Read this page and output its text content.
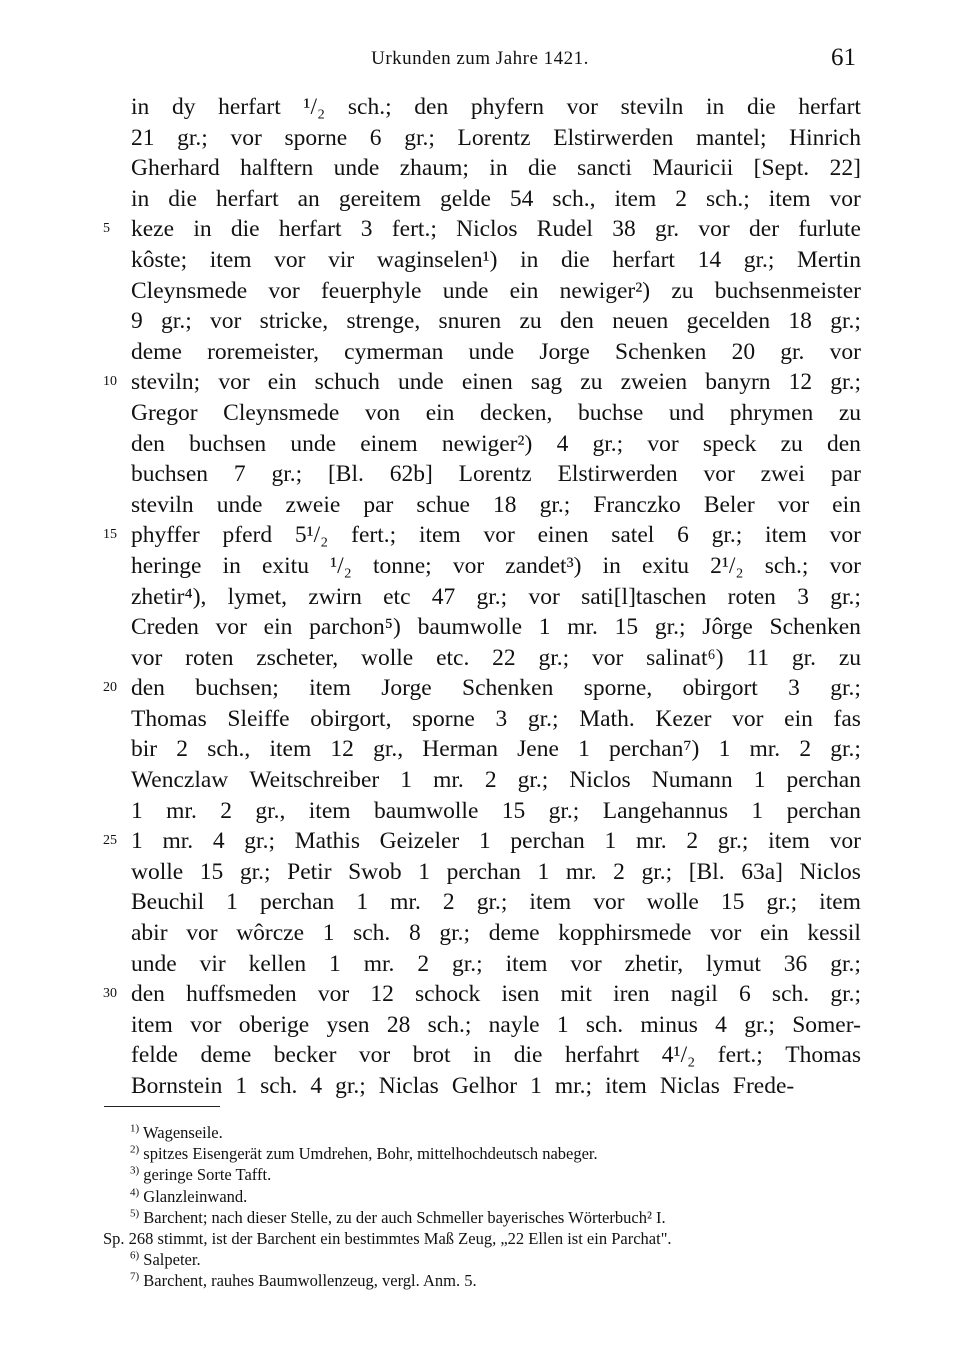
Urkunden zum Jahre 1421.	61
in dy herfart ¹/₂ sch.; den phyfern vor steviln in die herfart
21 gr.; vor sporne 6 gr.; Lorentz Elstirwerden mantel; Hinrich
Gherhard halftern unde zhaum; in die sancti Mauricii [Sept. 22]
in die herfart an gereitem gelde 54 sch., item 2 sch.; item vor
5 keze in die herfart 3 fert.; Niclos Rudel 38 gr. vor der furlute
kôste; item vor vir waginselen¹) in die herfart 14 gr.; Mertin
Cleynsmede vor feuerphyle unde ein newiger²) zu buchsenmeister
9 gr.; vor stricke, strenge, snuren zu den neuen gecelden 18 gr.;
deme roremeister, cymerman unde Jorge Schenken 20 gr. vor
10 steviln; vor ein schuch unde einen sag zu zweien banyrn 12 gr.;
Gregor Cleynsmede von ein decken, buchse und phrymen zu
den buchsen unde einem newiger²) 4 gr.; vor speck zu den
buchsen 7 gr.; [Bl. 62b] Lorentz Elstirwerden vor zwei par
steviln unde zweie par schue 18 gr.; Franczko Beler vor ein
15 phyffer pferd 5¹/₂ fert.; item vor einen satel 6 gr.; item vor
heringe in exitu ¹/₂ tonne; vor zandet³) in exitu 2¹/₂ sch.; vor
zhetir⁴), lymet, zwirn etc 47 gr.; vor sati[l]taschen roten 3 gr.;
Creden vor ein parchon⁵) baumwolle 1 mr. 15 gr.; Jôrge Schenken
vor roten zscheter, wolle etc. 22 gr.; vor salinat⁶) 11 gr. zu
20 den buchsen; item Jorge Schenken sporne, obirgort 3 gr.;
Thomas Sleiffe obirgort, sporne 3 gr.; Math. Kezer vor ein fas
bir 2 sch., item 12 gr., Herman Jene 1 perchan⁷) 1 mr. 2 gr.;
Wenczlaw Weitschreiber 1 mr. 2 gr.; Niclos Numann 1 perchan
1 mr. 2 gr., item baumwolle 15 gr.; Langehannus 1 perchan
25 1 mr. 4 gr.; Mathis Geizeler 1 perchan 1 mr. 2 gr.; item vor
wolle 15 gr.; Petir Swob 1 perchan 1 mr. 2 gr.; [Bl. 63a] Niclos
Beuchil 1 perchan 1 mr. 2 gr.; item vor wolle 15 gr.; item
abir vor wôrcze 1 sch. 8 gr.; deme kopphirsmede vor ein kessil
unde vir kellen 1 mr. 2 gr.; item vor zhetir, lymut 36 gr.;
30 den huffsmeden vor 12 schock isen mit iren nagil 6 sch. gr.;
item vor oberige ysen 28 sch.; nayle 1 sch. minus 4 gr.; Somer-
felde deme becker vor brot in die herfahrt 4¹/₂ fert.; Thomas
Bornstein 1 sch. 4 gr.; Niclas Gelhor 1 mr.; item Niclas Frede-
$^{1)}$ Wagenseile.
$^{2)}$ spitzes Eisengerät zum Umdrehen, Bohr, mittelhochdeutsch nabeger.
$^{3)}$ geringe Sorte Tafft.
$^{4)}$ Glanzleinwand.
$^{5)}$ Barchent; nach dieser Stelle, zu der auch Schmeller bayerisches Wörterbuch² I.
Sp. 268 stimmt, ist der Barchent ein bestimmtes Maß Zeug, „22 Ellen ist ein Parchat".
$^{6)}$ Salpeter.
$^{7)}$ Barchent, rauhes Baumwollenzeug, vergl. Anm. 5.
